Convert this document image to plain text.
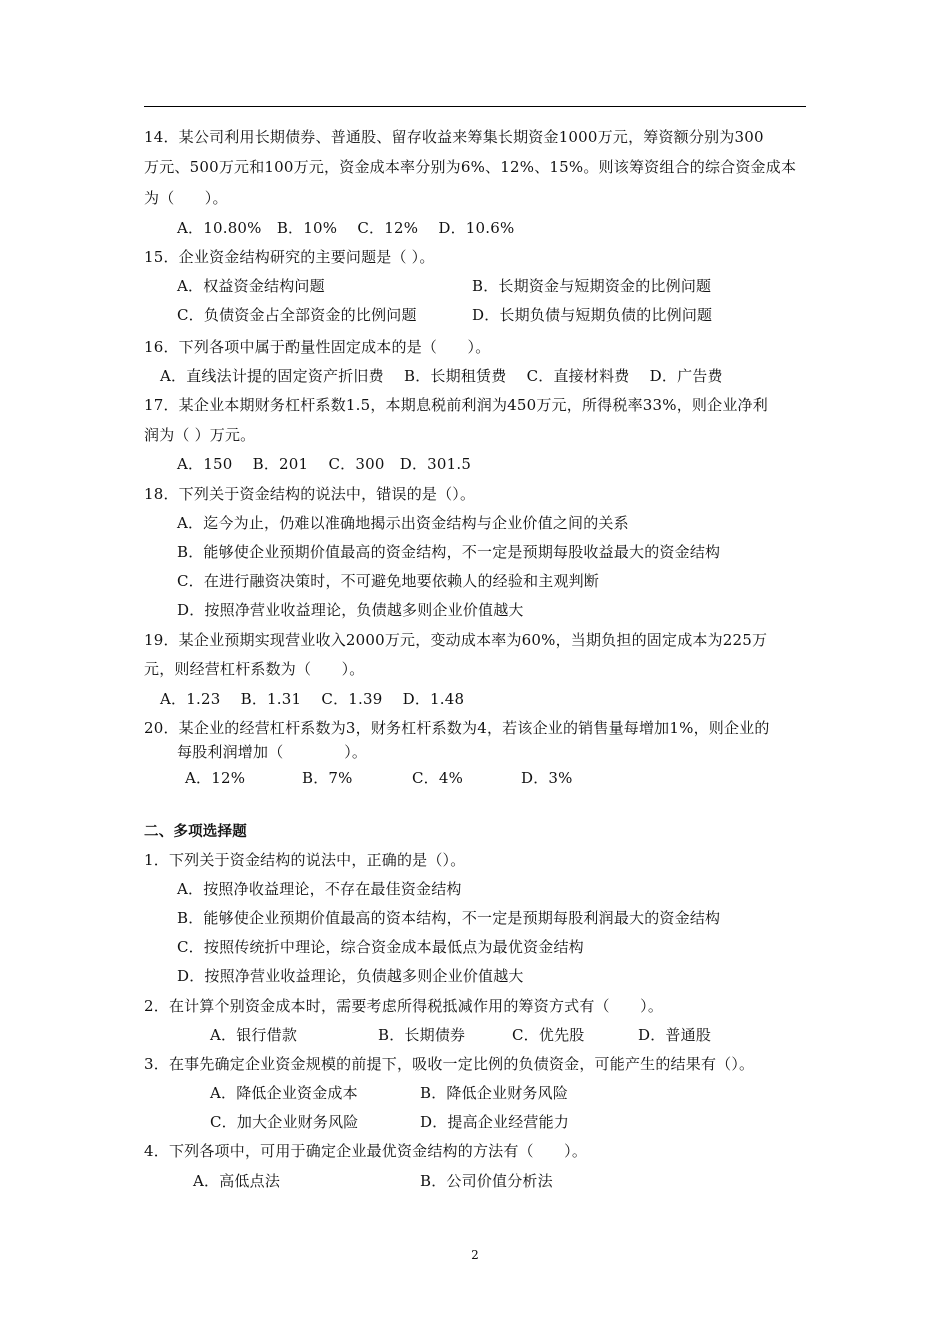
14．某公司利用长期债券、普通股、留存收益来筹集长期资金1000万元，筹资额分别为300
万元、500万元和100万元，资金成本率分别为6%、12%、15%。则该筹资组合的综合资金成本
为（　　）。
A．10.80%　B．10%　 C．12%　 D．10.6%
15．企业资金结构研究的主要问题是（ ）。
A．权益资金结构问题	B．长期资金与短期资金的比例问题
C．负债资金占全部资金的比例问题	D．长期负债与短期负债的比例问题
16．下列各项中属于酌量性固定成本的是（　　）。
A．直线法计提的固定资产折旧费　 B．长期租赁费　 C．直接材料费　 D．广告费
17．某企业本期财务杠杆系数1.5，本期息税前利润为450万元，所得税率33%，则企业净利
润为（ ）万元。
A．150　 B．201　 C．300　D．301.5
18．下列关于资金结构的说法中，错误的是（）。
A．迄今为止，仍难以准确地揭示出资金结构与企业价值之间的关系
B．能够使企业预期价值最高的资金结构，不一定是预期每股收益最大的资金结构
C．在进行融资决策时，不可避免地要依赖人的经验和主观判断
D．按照净营业收益理论，负债越多则企业价值越大
19．某企业预期实现营业收入2000万元，变动成本率为60%，当期负担的固定成本为225万
元，则经营杠杆系数为（　　）。
A．1.23　 B．1.31　 C．1.39　 D．1.48
20．某企业的经营杠杆系数为3，财务杠杆系数为4，若该企业的销售量每增加1%，则企业的
每股利润增加（　　　　）。
A．12%	B．7%	C．4%	D．3%
二、多项选择题
1．下列关于资金结构的说法中，正确的是（）。
A．按照净收益理论，不存在最佳资金结构
B．能够使企业预期价值最高的资本结构，不一定是预期每股利润最大的资金结构
C．按照传统折中理论，综合资金成本最低点为最优资金结构
D．按照净营业收益理论，负债越多则企业价值越大
2．在计算个别资金成本时，需要考虑所得税抵减作用的筹资方式有（　　）。
A．银行借款	B．长期债券	C．优先股	D．普通股
3．在事先确定企业资金规模的前提下，吸收一定比例的负债资金，可能产生的结果有（）。
A．降低企业资金成本	B．降低企业财务风险
C．加大企业财务风险	D．提高企业经营能力
4．下列各项中，可用于确定企业最优资金结构的方法有（　　）。
A．高低点法	B．公司价值分析法
2
